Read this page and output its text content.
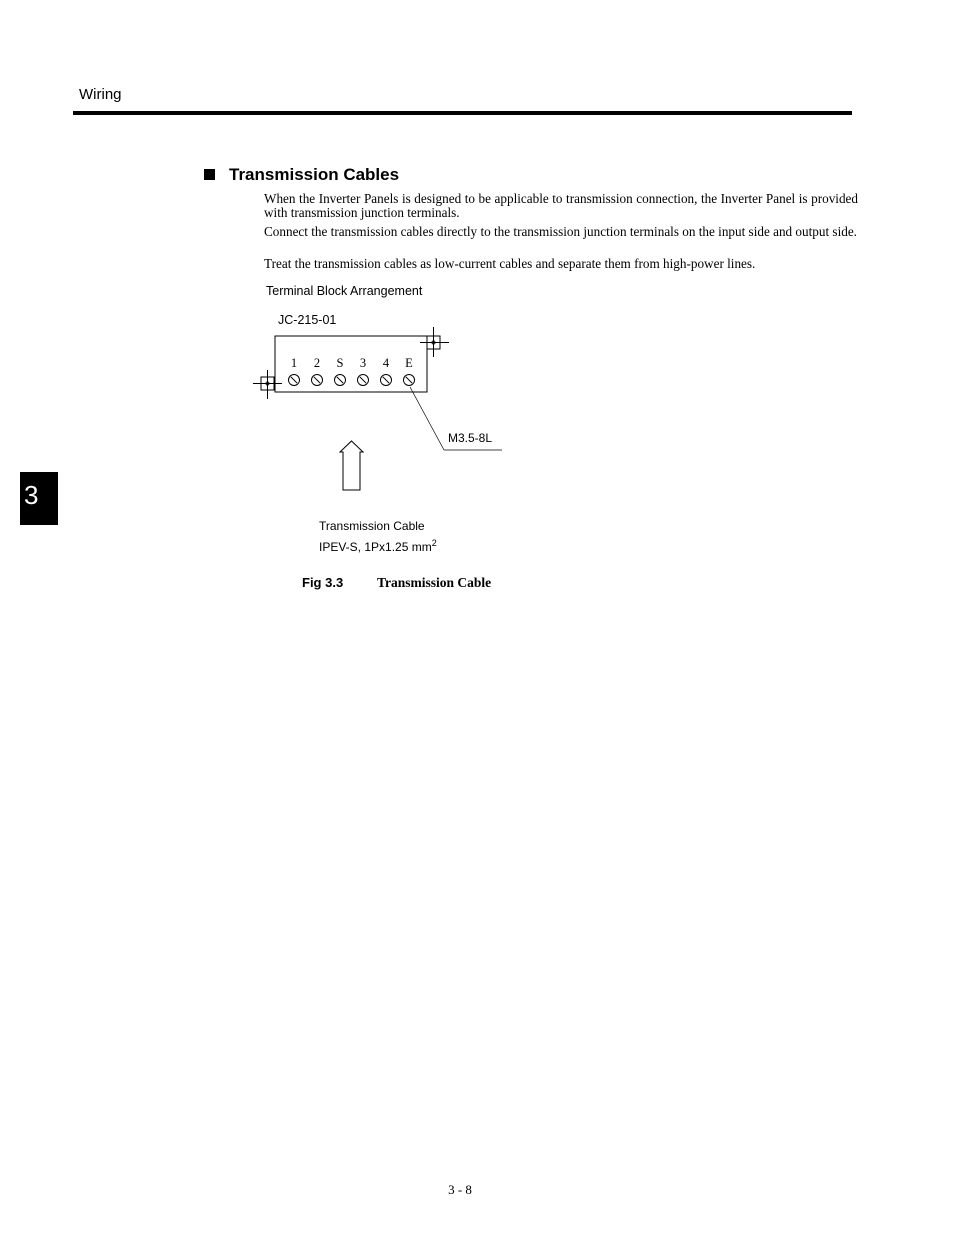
Wiring
3
Transmission Cables
When the Inverter Panels is designed to be applicable to transmission connection, the Inverter Panel is provided with transmission junction terminals.
Connect the transmission cables directly to the transmission junction terminals on the input side and output side.
Treat the transmission cables as low-current cables and separate them from high-power lines.
Terminal Block Arrangement
JC-215-01
1 2 S 3 4 E
M3.5-8L
Transmission Cable
IPEV-S, 1Px1.25 $mm^2$
Fig 3.3	Transmission Cable
3 - 8
